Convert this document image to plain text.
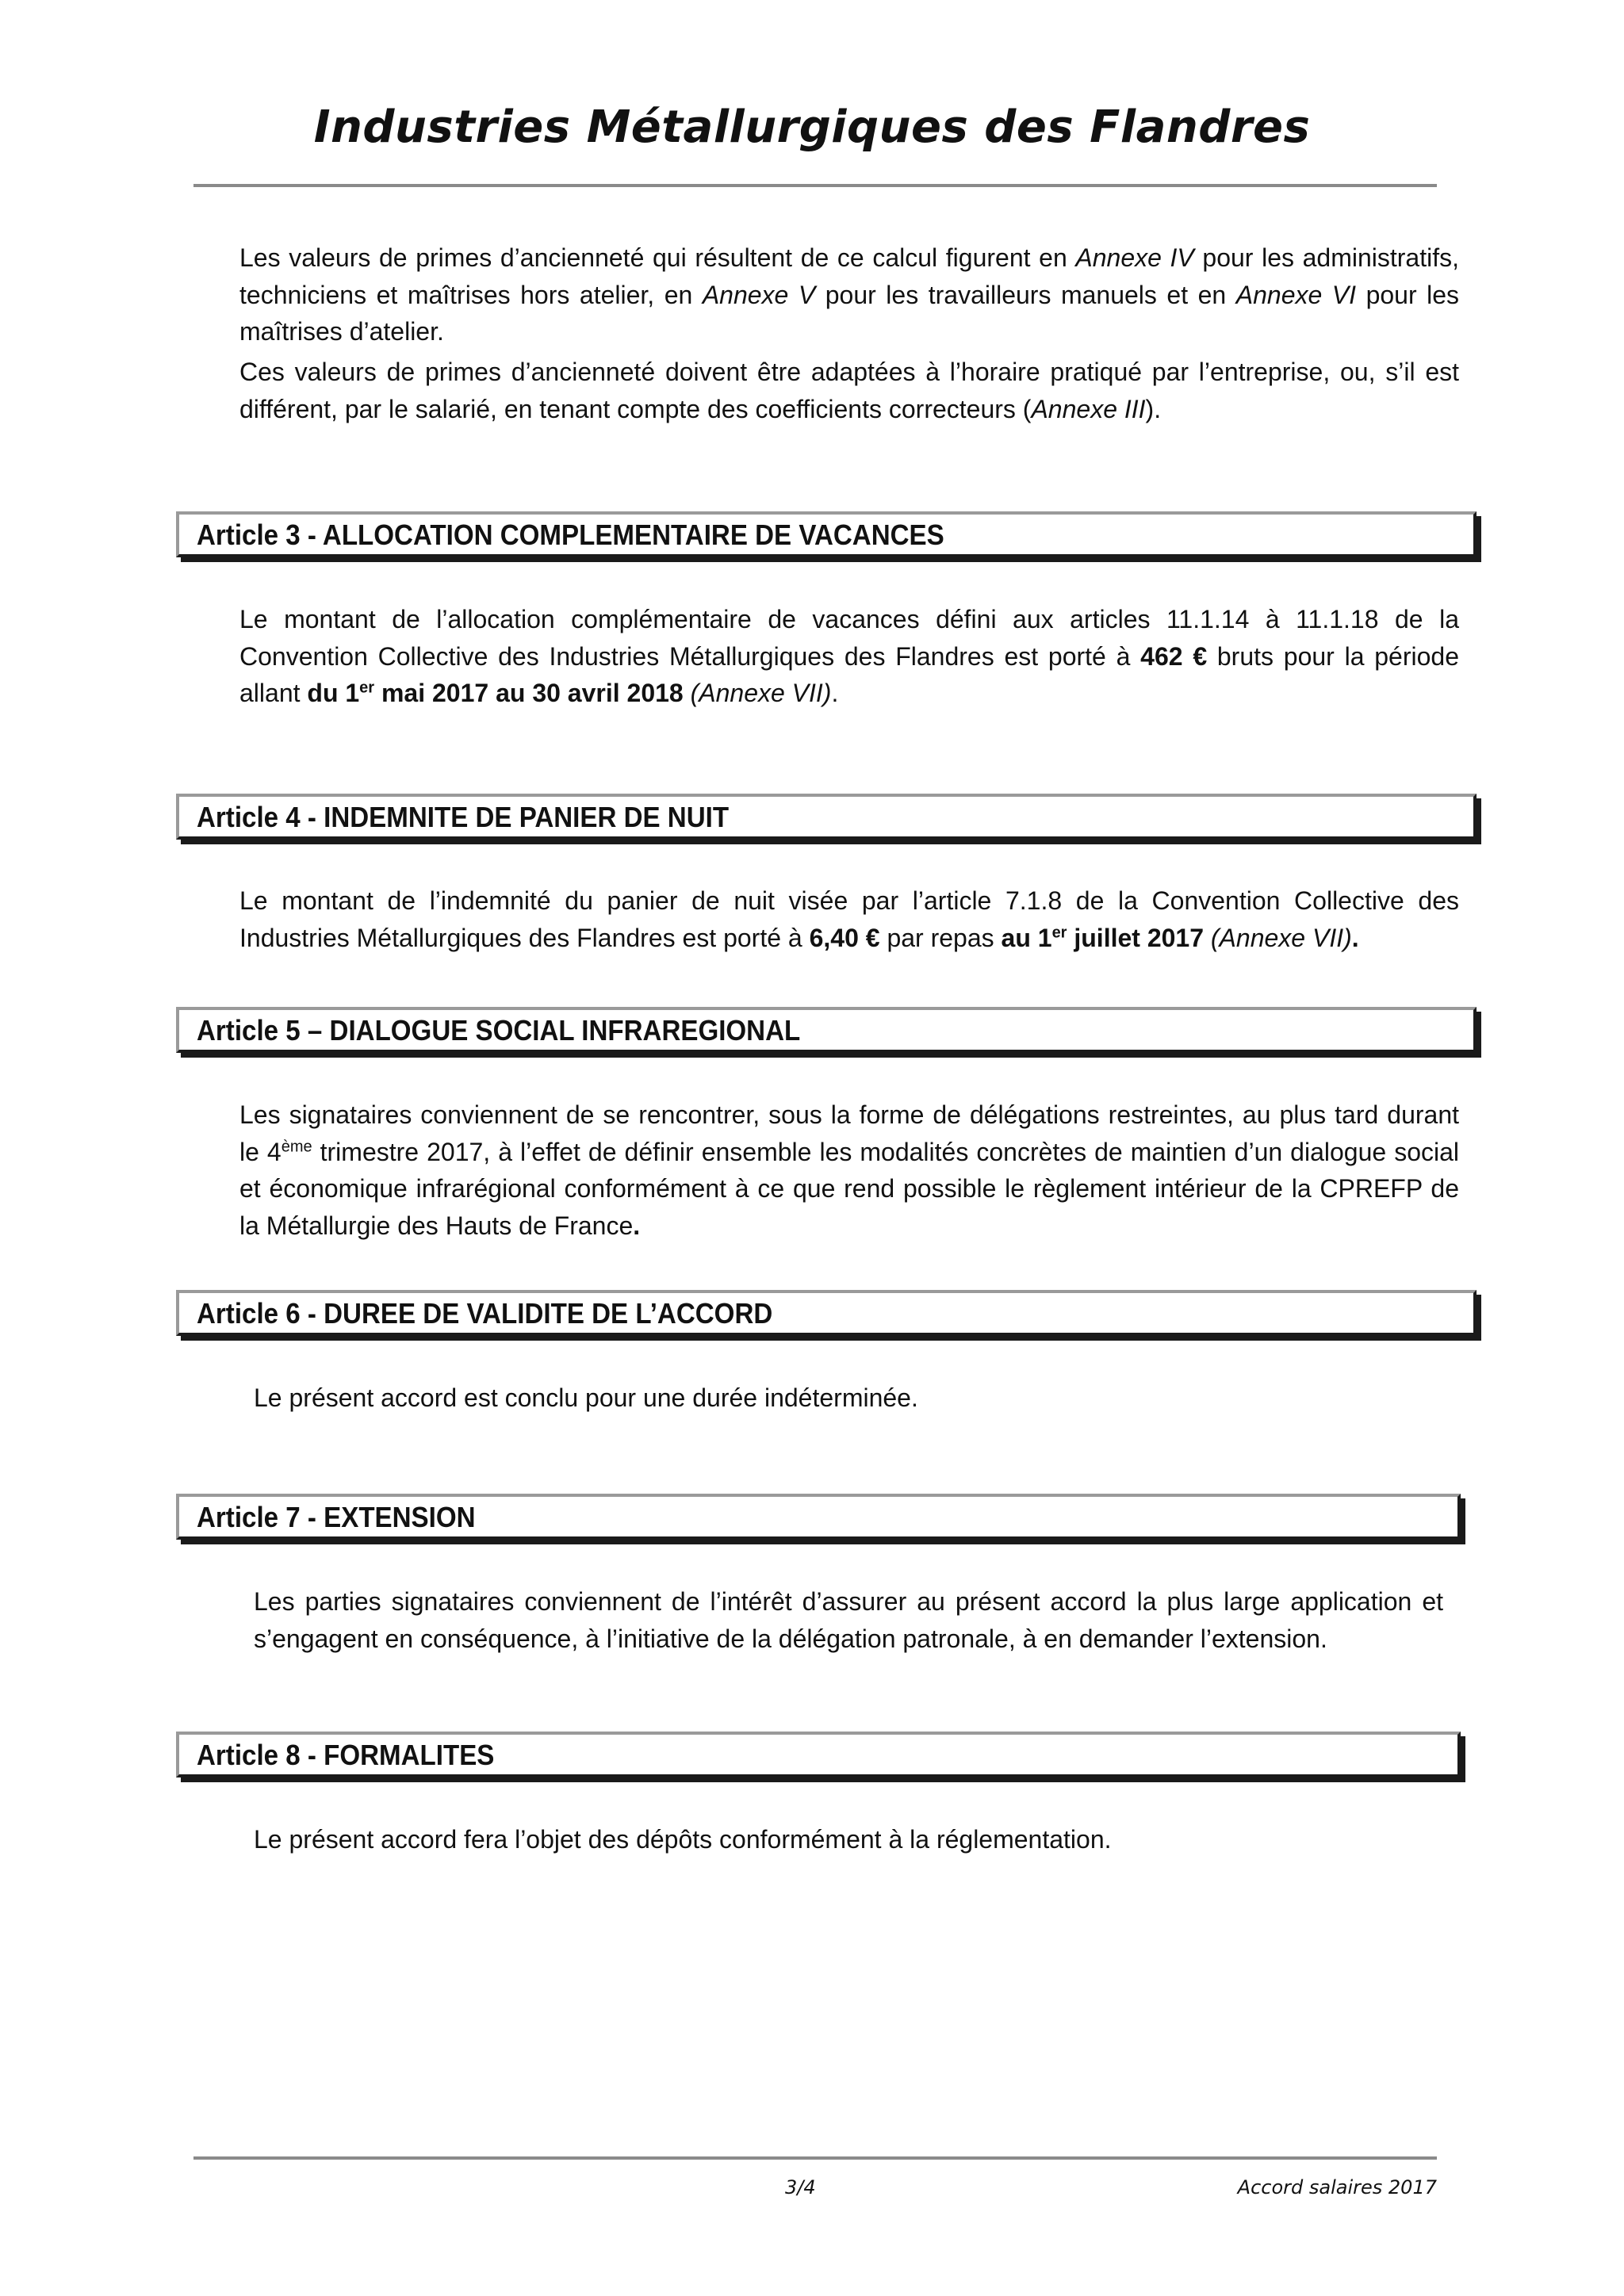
Industries Métallurgiques des Flandres

Les valeurs de primes d’ancienneté qui résultent de ce calcul figurent en Annexe IV pour les administratifs, techniciens et maîtrises hors atelier, en Annexe V pour les travailleurs manuels et en Annexe VI pour les maîtrises d’atelier.

Ces valeurs de primes d’ancienneté doivent être adaptées à l’horaire pratiqué par l’entreprise, ou, s’il est différent, par le salarié, en tenant compte des coefficients correcteurs (Annexe III).

Article 3 - ALLOCATION COMPLEMENTAIRE DE VACANCES

Le montant de l’allocation complémentaire de vacances défini aux articles 11.1.14 à 11.1.18 de la Convention Collective des Industries Métallurgiques des Flandres est porté à 462 € bruts pour la période allant du 1er mai 2017 au 30 avril 2018 (Annexe VII).

Article 4 - INDEMNITE DE PANIER DE NUIT

Le montant de l’indemnité du panier de nuit visée par l’article 7.1.8 de la Convention Collective des Industries Métallurgiques des Flandres est porté à 6,40 € par repas au 1er juillet 2017 (Annexe VII).

Article 5 – DIALOGUE SOCIAL INFRAREGIONAL

Les signataires conviennent de se rencontrer, sous la forme de délégations restreintes, au plus tard durant le 4ème trimestre 2017, à l’effet de définir ensemble les modalités concrètes de maintien d’un dialogue social et économique infrarégional conformément à ce que rend possible le règlement intérieur de la CPREFP de la Métallurgie des Hauts de France.

Article 6 - DUREE DE VALIDITE DE L’ACCORD

Le présent accord est conclu pour une durée indéterminée.

Article 7 - EXTENSION

Les parties signataires conviennent de l’intérêt d’assurer au présent accord la plus large application et s’engagent en conséquence, à l’initiative de la délégation patronale, à en demander l’extension.

Article 8 - FORMALITES

Le présent accord fera l’objet des dépôts conformément à la réglementation.

3/4	Accord salaires 2017
